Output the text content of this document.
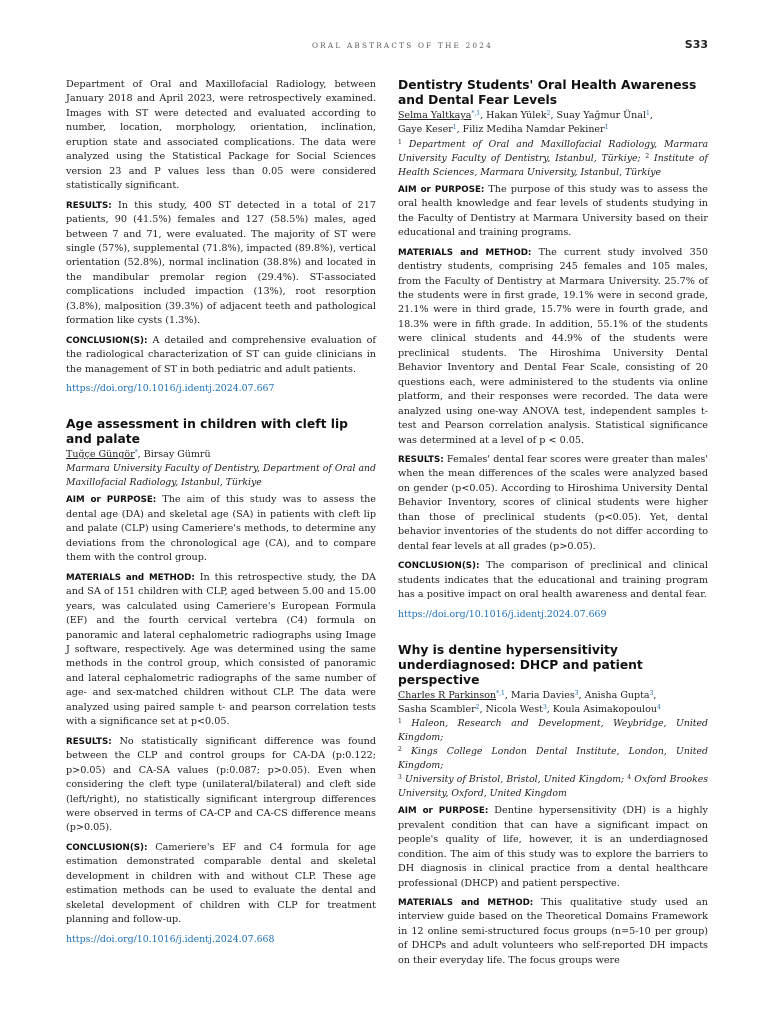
ORAL ABSTRACTS OF THE 2024	S33

Department of Oral and Maxillofacial Radiology, between January 2018 and April 2023, were retrospectively examined. Images with ST were detected and evaluated according to number, location, morphology, orientation, inclination, eruption state and associated complications. The data were analyzed using the Statistical Package for Social Sciences version 23 and P values less than 0.05 were considered statistically significant.

RESULTS: In this study, 400 ST detected in a total of 217 patients, 90 (41.5%) females and 127 (58.5%) males, aged between 7 and 71, were evaluated. The majority of ST were single (57%), supplemental (71.8%), impacted (89.8%), vertical orientation (52.8%), normal inclination (38.8%) and located in the mandibular premolar region (29.4%). ST-associated complications included impaction (13%), root resorption (3.8%), malposition (39.3%) of adjacent teeth and pathological formation like cysts (1.3%).

CONCLUSION(S): A detailed and comprehensive evaluation of the radiological characterization of ST can guide clinicians in the management of ST in both pediatric and adult patients.

https://doi.org/10.1016/j.identj.2024.07.667

Age assessment in children with cleft lip and palate
Tuğçe Güngör*, Birsay Gümrü

Marmara University Faculty of Dentistry, Department of Oral and Maxillofacial Radiology, Istanbul, Türkiye

AIM or PURPOSE: The aim of this study was to assess the dental age (DA) and skeletal age (SA) in patients with cleft lip and palate (CLP) using Cameriere's methods, to determine any deviations from the chronological age (CA), and to compare them with the control group.

MATERIALS and METHOD: In this retrospective study, the DA and SA of 151 children with CLP, aged between 5.00 and 15.00 years, was calculated using Cameriere's European Formula (EF) and the fourth cervical vertebra (C4) formula on panoramic and lateral cephalometric radiographs using Image J software, respectively. Age was determined using the same methods in the control group, which consisted of panoramic and lateral cephalometric radiographs of the same number of age- and sex-matched children without CLP. The data were analyzed using paired sample t- and pearson correlation tests with a significance set at p<0.05.

RESULTS: No statistically significant difference was found between the CLP and control groups for CA-DA (p:0.122; p>0.05) and CA-SA values (p:0.087; p>0.05). Even when considering the cleft type (unilateral/bilateral) and cleft side (left/right), no statistically significant intergroup differences were observed in terms of CA-CP and CA-CS difference means (p>0.05).

CONCLUSION(S): Cameriere's EF and C4 formula for age estimation demonstrated comparable dental and skeletal development in children with and without CLP. These age estimation methods can be used to evaluate the dental and skeletal development of children with CLP for treatment planning and follow-up.

https://doi.org/10.1016/j.identj.2024.07.668

Dentistry Students' Oral Health Awareness and Dental Fear Levels
Selma Yaltkaya$^{*,1}$, Hakan Yülek$^2$, Suay Yağmur Ünal$^1$,
Gaye Keser$^1$, Filiz Mediha Namdar Pekiner$^1$

$^1$ Department of Oral and Maxillofacial Radiology, Marmara University Faculty of Dentistry, Istanbul, Türkiye; $^2$ Institute of Health Sciences, Marmara University, Istanbul, Türkiye

AIM or PURPOSE: The purpose of this study was to assess the oral health knowledge and fear levels of students studying in the Faculty of Dentistry at Marmara University based on their educational and training programs.

MATERIALS and METHOD: The current study involved 350 dentistry students, comprising 245 females and 105 males, from the Faculty of Dentistry at Marmara University. 25.7% of the students were in first grade, 19.1% were in second grade, 21.1% were in third grade, 15.7% were in fourth grade, and 18.3% were in fifth grade. In addition, 55.1% of the students were clinical students and 44.9% of the students were preclinical students. The Hiroshima University Dental Behavior Inventory and Dental Fear Scale, consisting of 20 questions each, were administered to the students via online platform, and their responses were recorded. The data were analyzed using one-way ANOVA test, independent samples t-test and Pearson correlation analysis. Statistical significance was determined at a level of p < 0.05.

RESULTS: Females' dental fear scores were greater than males' when the mean differences of the scales were analyzed based on gender (p<0.05). According to Hiroshima University Dental Behavior Inventory, scores of clinical students were higher than those of preclinical students (p<0.05). Yet, dental behavior inventories of the students do not differ according to dental fear levels at all grades (p>0.05).

CONCLUSION(S): The comparison of preclinical and clinical students indicates that the educational and training program has a positive impact on oral health awareness and dental fear.

https://doi.org/10.1016/j.identj.2024.07.669

Why is dentine hypersensitivity underdiagnosed: DHCP and patient perspective
Charles R Parkinson$^{*,1}$, Maria Davies$^3$, Anisha Gupta$^3$,
Sasha Scambler$^2$, Nicola West$^3$, Koula Asimakopoulou$^4$

$^1$ Haleon, Research and Development, Weybridge, United Kingdom;
$^2$ Kings College London Dental Institute, London, United Kingdom;
$^3$ University of Bristol, Bristol, United Kingdom; $^4$ Oxford Brookes University, Oxford, United Kingdom

AIM or PURPOSE: Dentine hypersensitivity (DH) is a highly prevalent condition that can have a significant impact on people's quality of life, however, it is an underdiagnosed condition. The aim of this study was to explore the barriers to DH diagnosis in clinical practice from a dental healthcare professional (DHCP) and patient perspective.

MATERIALS and METHOD: This qualitative study used an interview guide based on the Theoretical Domains Framework in 12 online semi-structured focus groups (n=5-10 per group) of DHCPs and adult volunteers who self-reported DH impacts on their everyday life. The focus groups were
